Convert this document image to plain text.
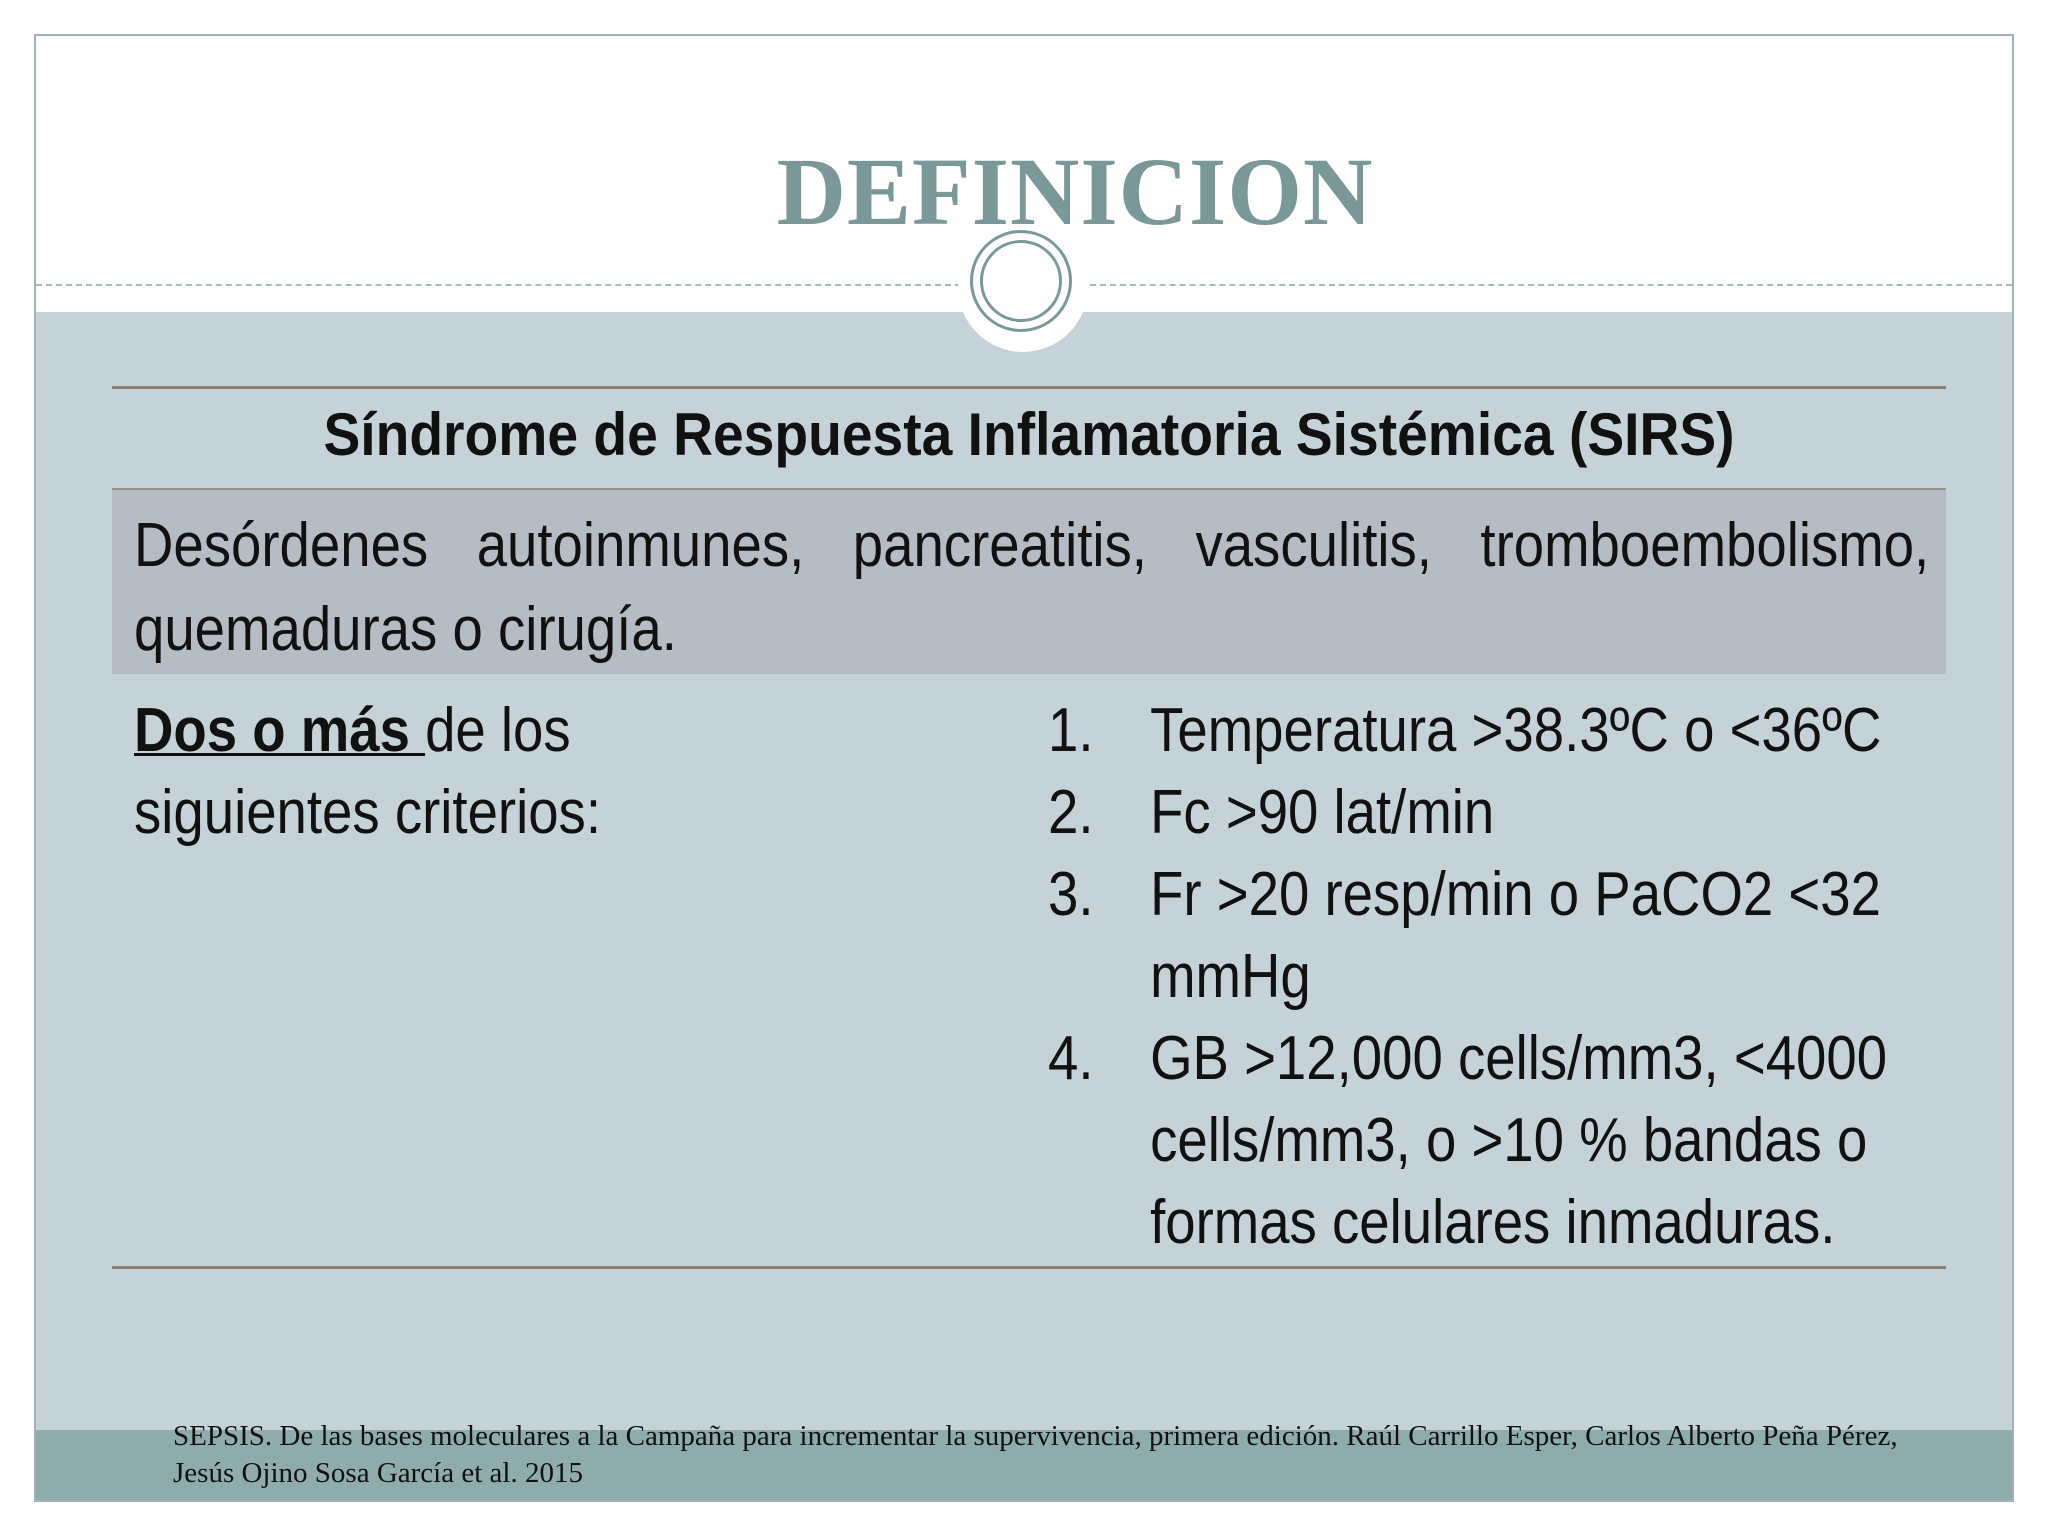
DEFINICION
Síndrome de Respuesta Inflamatoria Sistémica (SIRS)
Desórdenes autoinmunes, pancreatitis, vasculitis, tromboembolismo, quemaduras o cirugía.
Dos o más de los siguientes criterios:
1. Temperatura >38.3ºC o <36ºC
2. Fc >90 lat/min
3. Fr >20 resp/min o PaCO2 <32 mmHg
4. GB >12,000 cells/mm3, <4000 cells/mm3, o >10 % bandas o formas celulares inmaduras.
SEPSIS. De las bases moleculares a la Campaña para incrementar la supervivencia, primera edición. Raúl Carrillo Esper, Carlos Alberto Peña Pérez, Jesús Ojino Sosa García et al. 2015
